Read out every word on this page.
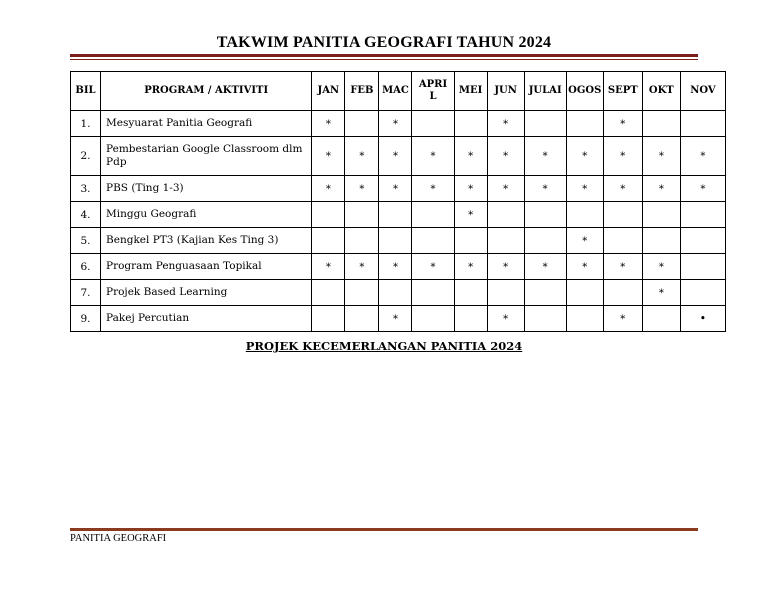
TAKWIM PANITIA GEOGRAFI TAHUN 2024
BIL	PROGRAM / AKTIVITI	JAN	FEB	MAC	APRIL	MEI	JUN	JULAI	OGOS	SEPT	OKT	NOV
1.	Mesyuarat Panitia Geografi	*		*			*			*		
2.	Pembestarian Google Classroom dlm Pdp	*	*	*	*	*	*	*	*	*	*	*
3.	PBS (Ting 1-3)	*	*	*	*	*	*	*	*	*	*	*
4.	Minggu Geografi					*						
5.	Bengkel PT3 (Kajian Kes Ting 3)								*			
6.	Program Penguasaan Topikal	*	*	*	*	*	*	*	*	*	*	
7.	Projek Based Learning										*	
9.	Pakej Percutian			*			*			*		•
PROJEK KECEMERLANGAN PANITIA 2024
PANITIA GEOGRAFI
